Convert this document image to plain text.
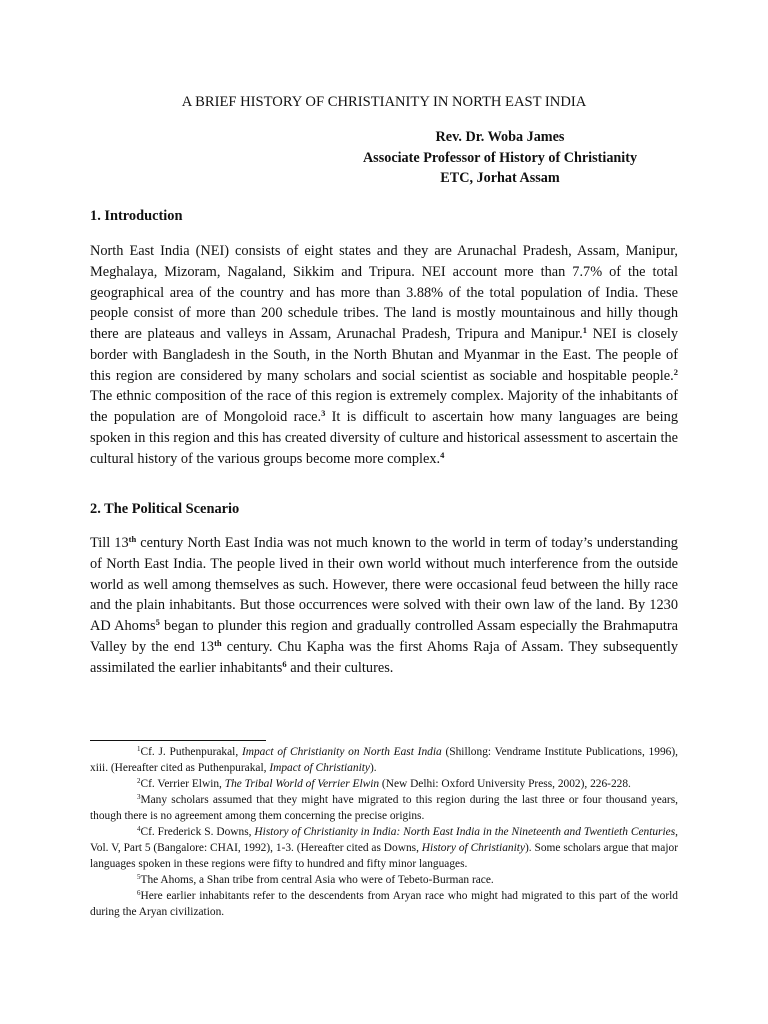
A BRIEF HISTORY OF CHRISTIANITY IN NORTH EAST INDIA
Rev. Dr. Woba James
Associate Professor of History of Christianity
ETC, Jorhat Assam
1. Introduction

North East India (NEI) consists of eight states and they are Arunachal Pradesh, Assam, Manipur, Meghalaya, Mizoram, Nagaland, Sikkim and Tripura. NEI account more than 7.7% of the total geographical area of the country and has more than 3.88% of the total population of India. These people consist of more than 200 schedule tribes. The land is mostly mountainous and hilly though there are plateaus and valleys in Assam, Arunachal Pradesh, Tripura and Manipur.$^1$ NEI is closely border with Bangladesh in the South, in the North Bhutan and Myanmar in the East. The people of this region are considered by many scholars and social scientist as sociable and hospitable people.$^2$ The ethnic composition of the race of this region is extremely complex. Majority of the inhabitants of the population are of Mongoloid race.$^3$ It is difficult to ascertain how many languages are being spoken in this region and this has created diversity of culture and historical assessment to ascertain the cultural history of the various groups become more complex.$^4$

2. The Political Scenario

Till 13th century North East India was not much known to the world in term of today’s understanding of North East India. The people lived in their own world without much interference from the outside world as well among themselves as such. However, there were occasional feud between the hilly race and the plain inhabitants. But those occurrences were solved with their own law of the land. By 1230 AD Ahoms$^5$ began to plunder this region and gradually controlled Assam especially the Brahmaputra Valley by the end 13th century. Chu Kapha was the first Ahoms Raja of Assam. They subsequently assimilated the earlier inhabitants$^6$ and their cultures.

$^1$Cf. J. Puthenpurakal, Impact of Christianity on North East India (Shillong: Vendrame Institute Publications, 1996), xiii. (Hereafter cited as Puthenpurakal, Impact of Christianity).

$^2$Cf. Verrier Elwin, The Tribal World of Verrier Elwin (New Delhi: Oxford University Press, 2002), 226-228.

$^3$Many scholars assumed that they might have migrated to this region during the last three or four thousand years, though there is no agreement among them concerning the precise origins.

$^4$Cf. Frederick S. Downs, History of Christianity in India: North East India in the Nineteenth and Twentieth Centuries, Vol. V, Part 5 (Bangalore: CHAI, 1992), 1-3. (Hereafter cited as Downs, History of Christianity). Some scholars argue that major languages spoken in these regions were fifty to hundred and fifty minor languages.

$^5$The Ahoms, a Shan tribe from central Asia who were of Tebeto-Burman race.

$^6$Here earlier inhabitants refer to the descendents from Aryan race who might had migrated to this part of the world during the Aryan civilization.
